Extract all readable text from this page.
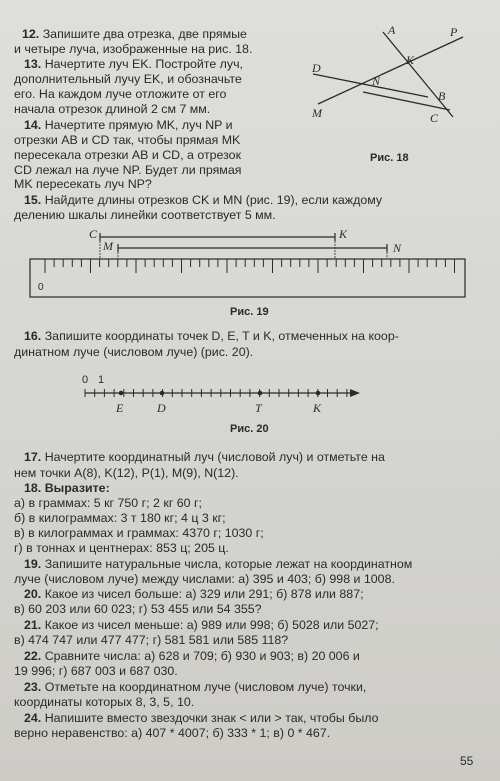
12. Запишите два отрезка, две прямые
и четыре луча, изображенные на рис. 18.
13. Начертите луч EK. Постройте луч,
дополнительный лучу EK, и обозначьте
его. На каждом луче отложите от его
начала отрезок длиной 2 см 7 мм.
14. Начертите прямую MK, луч NP и
отрезки AB и CD так, чтобы прямая MK
пересекала отрезки AB и CD, а отрезок
CD лежал на луче NP. Будет ли прямая
MK пересекать луч NP?
A	P
D
K
N
B
M	C
Рис. 18
15. Найдите длины отрезков CK и MN (рис. 19), если каждому
делению шкалы линейки соответствует 5 мм.
C	K
M	N
0
Рис. 19
16. Запишите координаты точек D, E, T и K, отмеченных на коор-
динатном луче (числовом луче) (рис. 20).
0 1
E	D	T	K
Рис. 20
17. Начертите координатный луч (числовой луч) и отметьте на
нем точки A(8), K(12), P(1), M(9), N(12).
18. Выразите:
а) в граммах: 5 кг 750 г; 2 кг 60 г;
б) в килограммах: 3 т 180 кг; 4 ц 3 кг;
в) в килограммах и граммах: 4370 г; 1030 г;
г) в тоннах и центнерах: 853 ц; 205 ц.
19. Запишите натуральные числа, которые лежат на координатном
луче (числовом луче) между числами: а) 395 и 403; б) 998 и 1008.
20. Какое из чисел больше: а) 329 или 291; б) 878 или 887;
в) 60 203 или 60 023; г) 53 455 или 54 355?
21. Какое из чисел меньше: а) 989 или 998; б) 5028 или 5027;
в) 474 747 или 477 477; г) 581 581 или 585 118?
22. Сравните числа: а) 628 и 709; б) 930 и 903; в) 20 006 и
19 996; г) 687 003 и 687 030.
23. Отметьте на координатном луче (числовом луче) точки,
координаты которых 8, 3, 5, 10.
24. Напишите вместо звездочки знак < или > так, чтобы было
верно неравенство: а) 407 * 4007; б) 333 * 1; в) 0 * 467.
55
